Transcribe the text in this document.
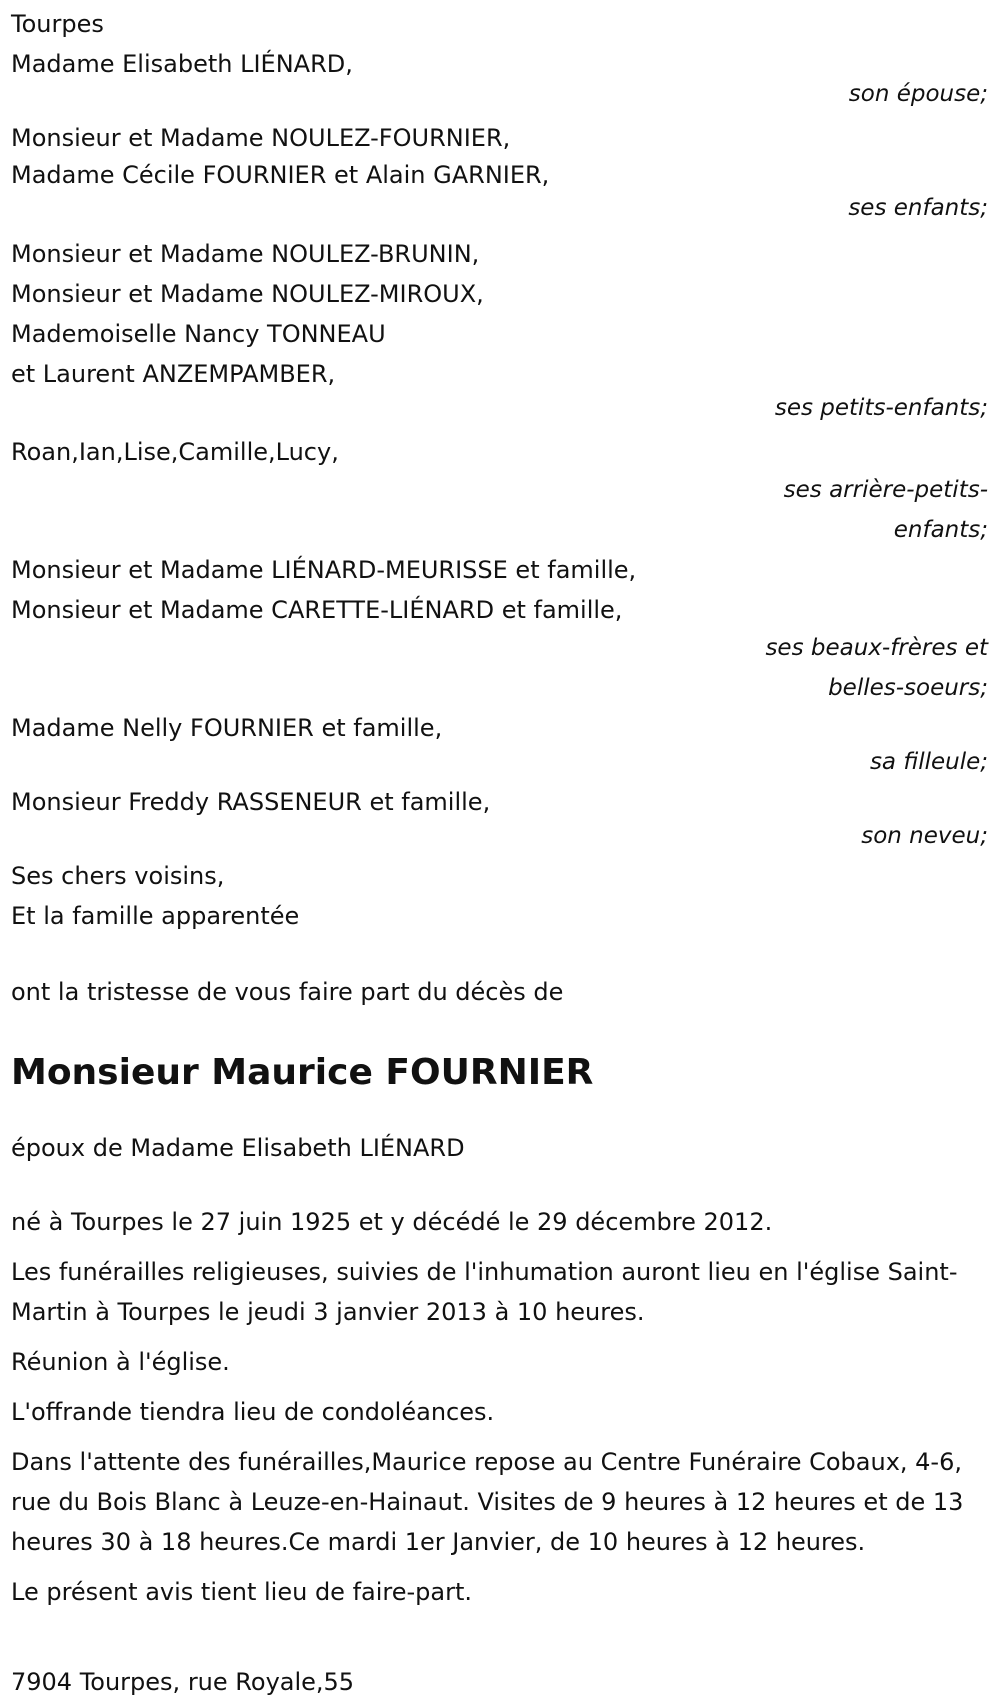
Tourpes
Madame Elisabeth LIÉNARD,
son épouse;
Monsieur et Madame NOULEZ-FOURNIER,
Madame Cécile FOURNIER et Alain GARNIER,
ses enfants;
Monsieur et Madame NOULEZ-BRUNIN,
Monsieur et Madame NOULEZ-MIROUX,
Mademoiselle Nancy TONNEAU
et Laurent ANZEMPAMBER,
ses petits-enfants;
Roan,Ian,Lise,Camille,Lucy,
ses arrière-petits-
enfants;
Monsieur et Madame LIÉNARD-MEURISSE et famille,
Monsieur et Madame CARETTE-LIÉNARD et famille,
ses beaux-frères et
belles-soeurs;
Madame Nelly FOURNIER et famille,
sa filleule;
Monsieur Freddy RASSENEUR et famille,
son neveu;
Ses chers voisins,
Et la famille apparentée
ont la tristesse de vous faire part du décès de
Monsieur Maurice FOURNIER
époux de Madame Elisabeth LIÉNARD
né à Tourpes le 27 juin 1925 et y décédé le 29 décembre 2012.
Les funérailles religieuses, suivies de l'inhumation auront lieu en l'église Saint-Martin à Tourpes le jeudi 3 janvier 2013 à 10 heures.
Réunion à l'église.
L'offrande tiendra lieu de condoléances.
Dans l'attente des funérailles,Maurice repose au Centre Funéraire Cobaux, 4-6, rue du Bois Blanc à Leuze-en-Hainaut. Visites de 9 heures à 12 heures et de 13 heures 30 à 18 heures.Ce mardi 1er Janvier, de 10 heures à 12 heures.
Le présent avis tient lieu de faire-part.
7904 Tourpes, rue Royale,55
